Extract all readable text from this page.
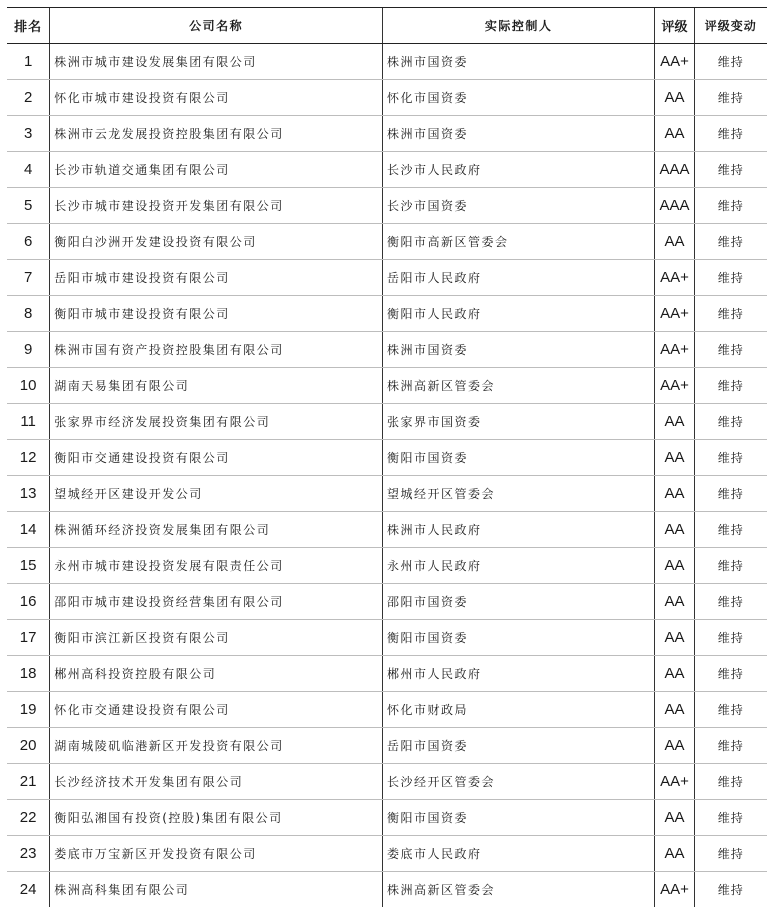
排名	公司名称	实际控制人	评级	评级变动
1	株洲市城市建设发展集团有限公司	株洲市国资委	AA+	维持
2	怀化市城市建设投资有限公司	怀化市国资委	AA	维持
3	株洲市云龙发展投资控股集团有限公司	株洲市国资委	AA	维持
4	长沙市轨道交通集团有限公司	长沙市人民政府	AAA	维持
5	长沙市城市建设投资开发集团有限公司	长沙市国资委	AAA	维持
6	衡阳白沙洲开发建设投资有限公司	衡阳市高新区管委会	AA	维持
7	岳阳市城市建设投资有限公司	岳阳市人民政府	AA+	维持
8	衡阳市城市建设投资有限公司	衡阳市人民政府	AA+	维持
9	株洲市国有资产投资控股集团有限公司	株洲市国资委	AA+	维持
10	湖南天易集团有限公司	株洲高新区管委会	AA+	维持
11	张家界市经济发展投资集团有限公司	张家界市国资委	AA	维持
12	衡阳市交通建设投资有限公司	衡阳市国资委	AA	维持
13	望城经开区建设开发公司	望城经开区管委会	AA	维持
14	株洲循环经济投资发展集团有限公司	株洲市人民政府	AA	维持
15	永州市城市建设投资发展有限责任公司	永州市人民政府	AA	维持
16	邵阳市城市建设投资经营集团有限公司	邵阳市国资委	AA	维持
17	衡阳市滨江新区投资有限公司	衡阳市国资委	AA	维持
18	郴州高科投资控股有限公司	郴州市人民政府	AA	维持
19	怀化市交通建设投资有限公司	怀化市财政局	AA	维持
20	湖南城陵矶临港新区开发投资有限公司	岳阳市国资委	AA	维持
21	长沙经济技术开发集团有限公司	长沙经开区管委会	AA+	维持
22	衡阳弘湘国有投资(控股)集团有限公司	衡阳市国资委	AA	维持
23	娄底市万宝新区开发投资有限公司	娄底市人民政府	AA	维持
24	株洲高科集团有限公司	株洲高新区管委会	AA+	维持
